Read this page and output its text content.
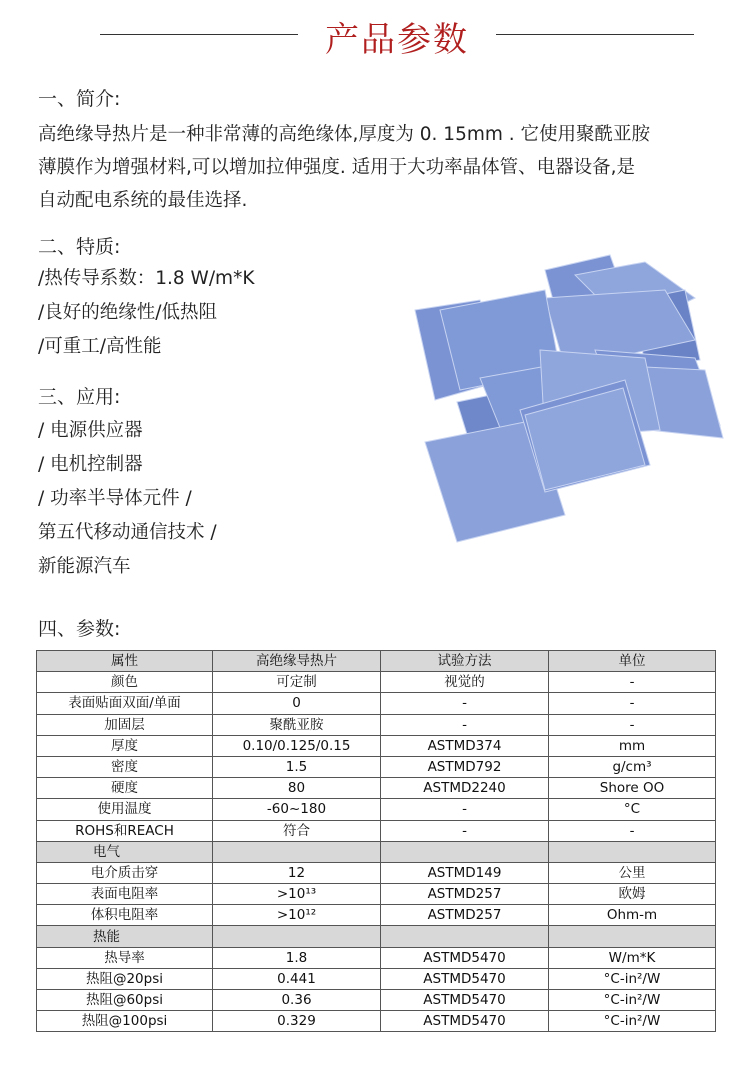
产品参数
一、简介:
高绝缘导热片是一种非常薄的高绝缘体,厚度为 0. 15mm . 它使用聚酰亚胺
薄膜作为增强材料,可以增加拉伸强度. 适用于大功率晶体管、电器设备,是
自动配电系统的最佳选择.
二、特质:
/热传导系数：1.8 W/m*K
/良好的绝缘性/低热阻
/可重工/高性能
三、应用:
/ 电源供应器
/ 电机控制器
/ 功率半导体元件 /
第五代移动通信技术 /
新能源汽车
四、参数:
属性	高绝缘导热片	试验方法	单位
颜色	可定制	视觉的	-
表面贴面双面/单面	0	-	-
加固层	聚酰亚胺	-	-
厚度	0.10/0.125/0.15	ASTMD374	mm
密度	1.5	ASTMD792	g/cm³
硬度	80	ASTMD2240	Shore OO
使用温度	-60~180	-	°C
ROHS和REACH	符合	-	-
电气			
电介质击穿	12	ASTMD149	公里
表面电阻率	>10¹³	ASTMD257	欧姆
体积电阻率	>10¹²	ASTMD257	Ohm-m
热能			
热导率	1.8	ASTMD5470	W/m*K
热阻@20psi	0.441	ASTMD5470	°C-in²/W
热阻@60psi	0.36	ASTMD5470	°C-in²/W
热阻@100psi	0.329	ASTMD5470	°C-in²/W
